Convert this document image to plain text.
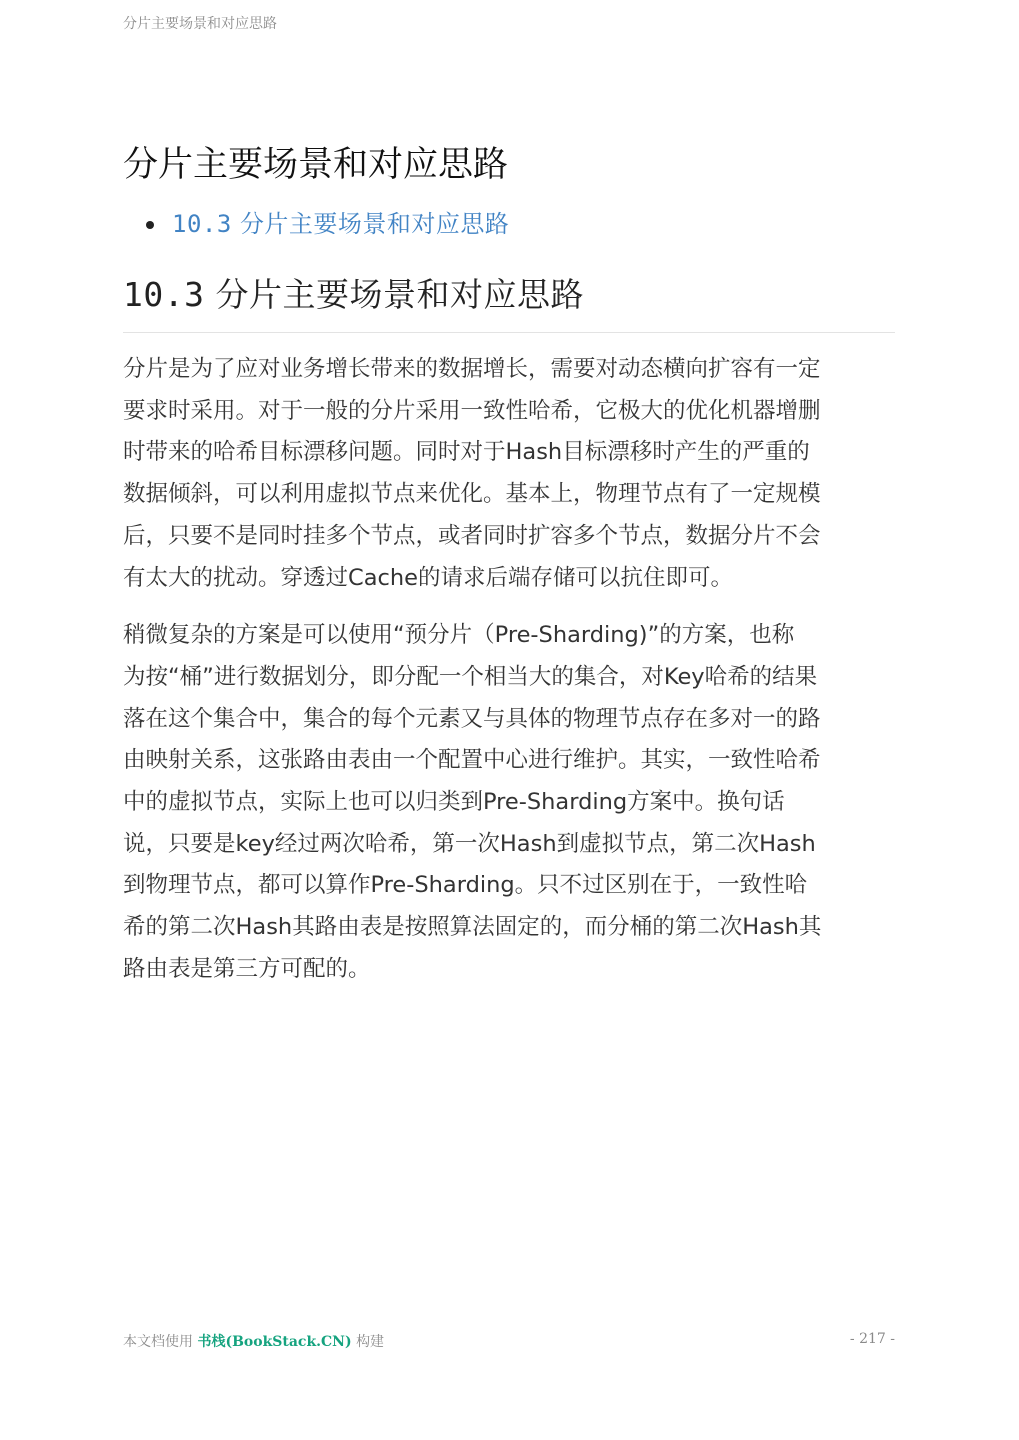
分片主要场景和对应思路
分片主要场景和对应思路
10.3 分片主要场景和对应思路
10.3 分片主要场景和对应思路

分片是为了应对业务增长带来的数据增长，需要对动态横向扩容有一定
要求时采用。对于一般的分片采用一致性哈希，它极大的优化机器增删
时带来的哈希目标漂移问题。同时对于Hash目标漂移时产生的严重的
数据倾斜，可以利用虚拟节点来优化。基本上，物理节点有了一定规模
后，只要不是同时挂多个节点，或者同时扩容多个节点，数据分片不会
有太大的扰动。穿透过Cache的请求后端存储可以抗住即可。

稍微复杂的方案是可以使用“预分片（Pre-Sharding)”的方案，也称
为按“桶”进行数据划分，即分配一个相当大的集合，对Key哈希的结果
落在这个集合中，集合的每个元素又与具体的物理节点存在多对一的路
由映射关系，这张路由表由一个配置中心进行维护。其实，一致性哈希
中的虚拟节点，实际上也可以归类到Pre-Sharding方案中。换句话
说，只要是key经过两次哈希，第一次Hash到虚拟节点，第二次Hash
到物理节点，都可以算作Pre-Sharding。只不过区别在于，一致性哈
希的第二次Hash其路由表是按照算法固定的，而分桶的第二次Hash其
路由表是第三方可配的。

本文档使用 书栈(BookStack.CN) 构建	- 217 -
